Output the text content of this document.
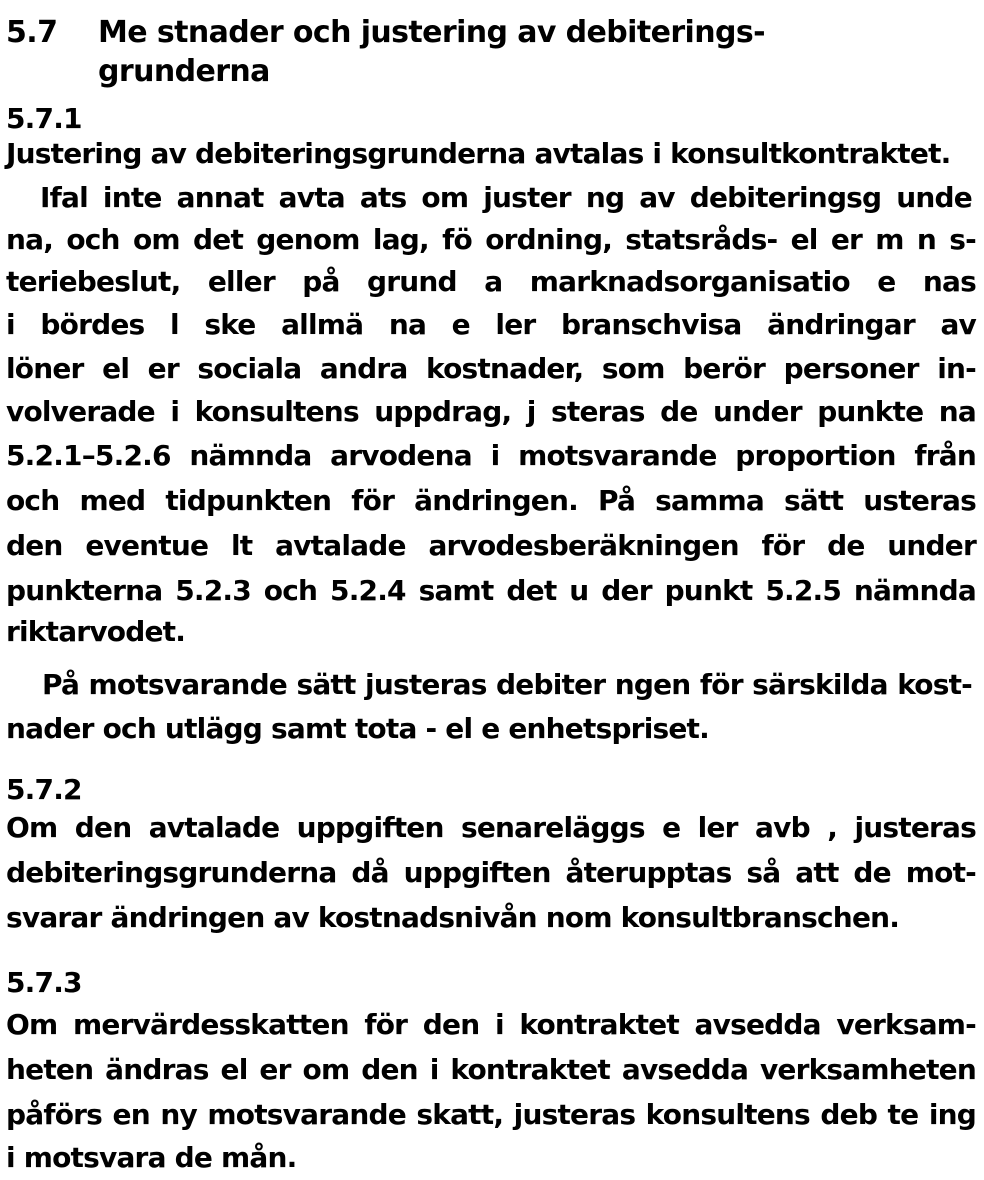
5.7 Me stnader och justering av debiterings-
grunderna
5.7.1
Justering av debiteringsgrunderna avtalas i konsultkontraktet.
Ifal inte annat avta ats om juster ng av debiteringsg unde
na, och om det genom lag, fö ordning, statsråds- el er m n s-
teriebeslut, eller på grund a marknadsorganisatio e nas
i bördes l ske allmä na e ler branschvisa ändringar av
löner el er sociala andra kostnader, som berör personer in-
volverade i konsultens uppdrag, j steras de under punkte na
5.2.1–5.2.6 nämnda arvodena i motsvarande proportion från
och med tidpunkten för ändringen. På samma sätt usteras
den eventue lt avtalade arvodesberäkningen för de under
punkterna 5.2.3 och 5.2.4 samt det u der punkt 5.2.5 nämnda
riktarvodet.
På motsvarande sätt justeras debiter ngen för särskilda kost-
nader och utlägg samt tota - el e enhetspriset.
5.7.2
Om den avtalade uppgiften senareläggs e ler avb , justeras
debiteringsgrunderna då uppgiften återupptas så att de mot-
svarar ändringen av kostnadsnivån nom konsultbranschen.
5.7.3
Om mervärdesskatten för den i kontraktet avsedda verksam-
heten ändras el er om den i kontraktet avsedda verksamheten
påförs en ny motsvarande skatt, justeras konsultens deb te ing
i motsvara de mån.
